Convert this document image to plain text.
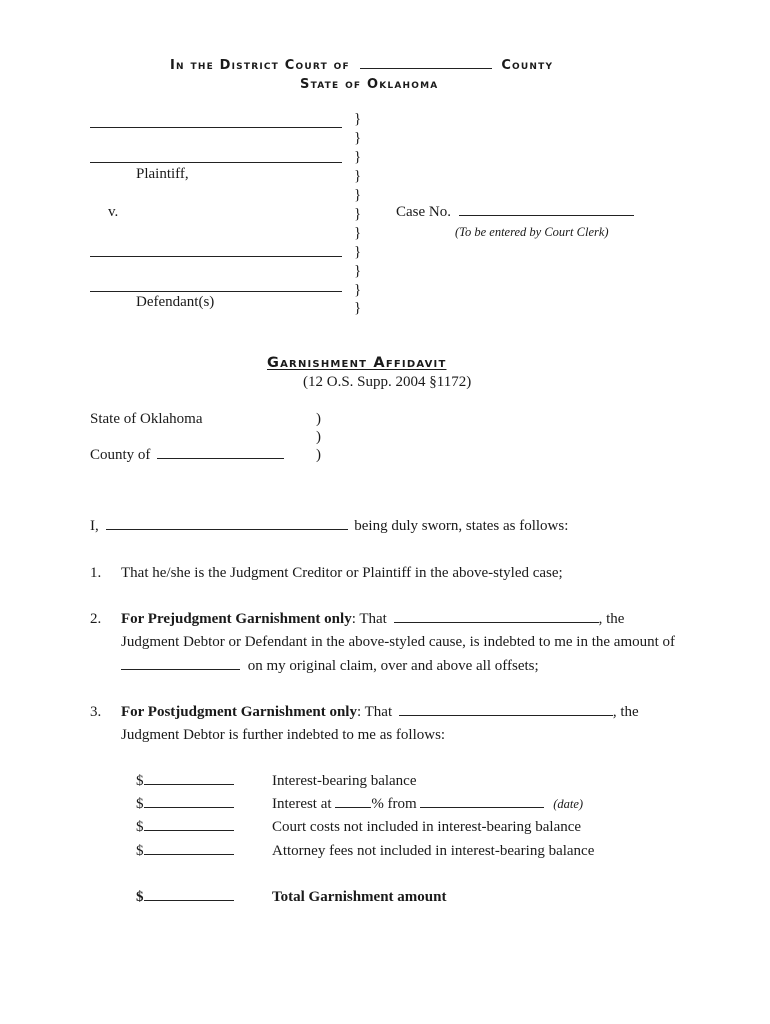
In the District Court of	County
State of Oklahoma
Plaintiff,
v.
Defendant(s)
}
}
}
}
}
}
}
}
}
}
}
Case No.
(To be entered by Court Clerk)
Garnishment Affidavit
(12 O.S. Supp. 2004 §1172)
State of Oklahoma	)
)
County of	)
I,	being duly sworn, states as follows:
1. That he/she is the Judgment Creditor or Plaintiff in the above-styled case;
2. For Prejudgment Garnishment only: That	, the
Judgment Debtor or Defendant in the above-styled cause, is indebted to me in the amount of
on my original claim, over and above all offsets;
3. For Postjudgment Garnishment only: That	, the
Judgment Debtor is further indebted to me as follows:
$	Interest-bearing balance
$	Interest at	% from	(date)
$	Court costs not included in interest-bearing balance
$	Attorney fees not included in interest-bearing balance
$	Total Garnishment amount
